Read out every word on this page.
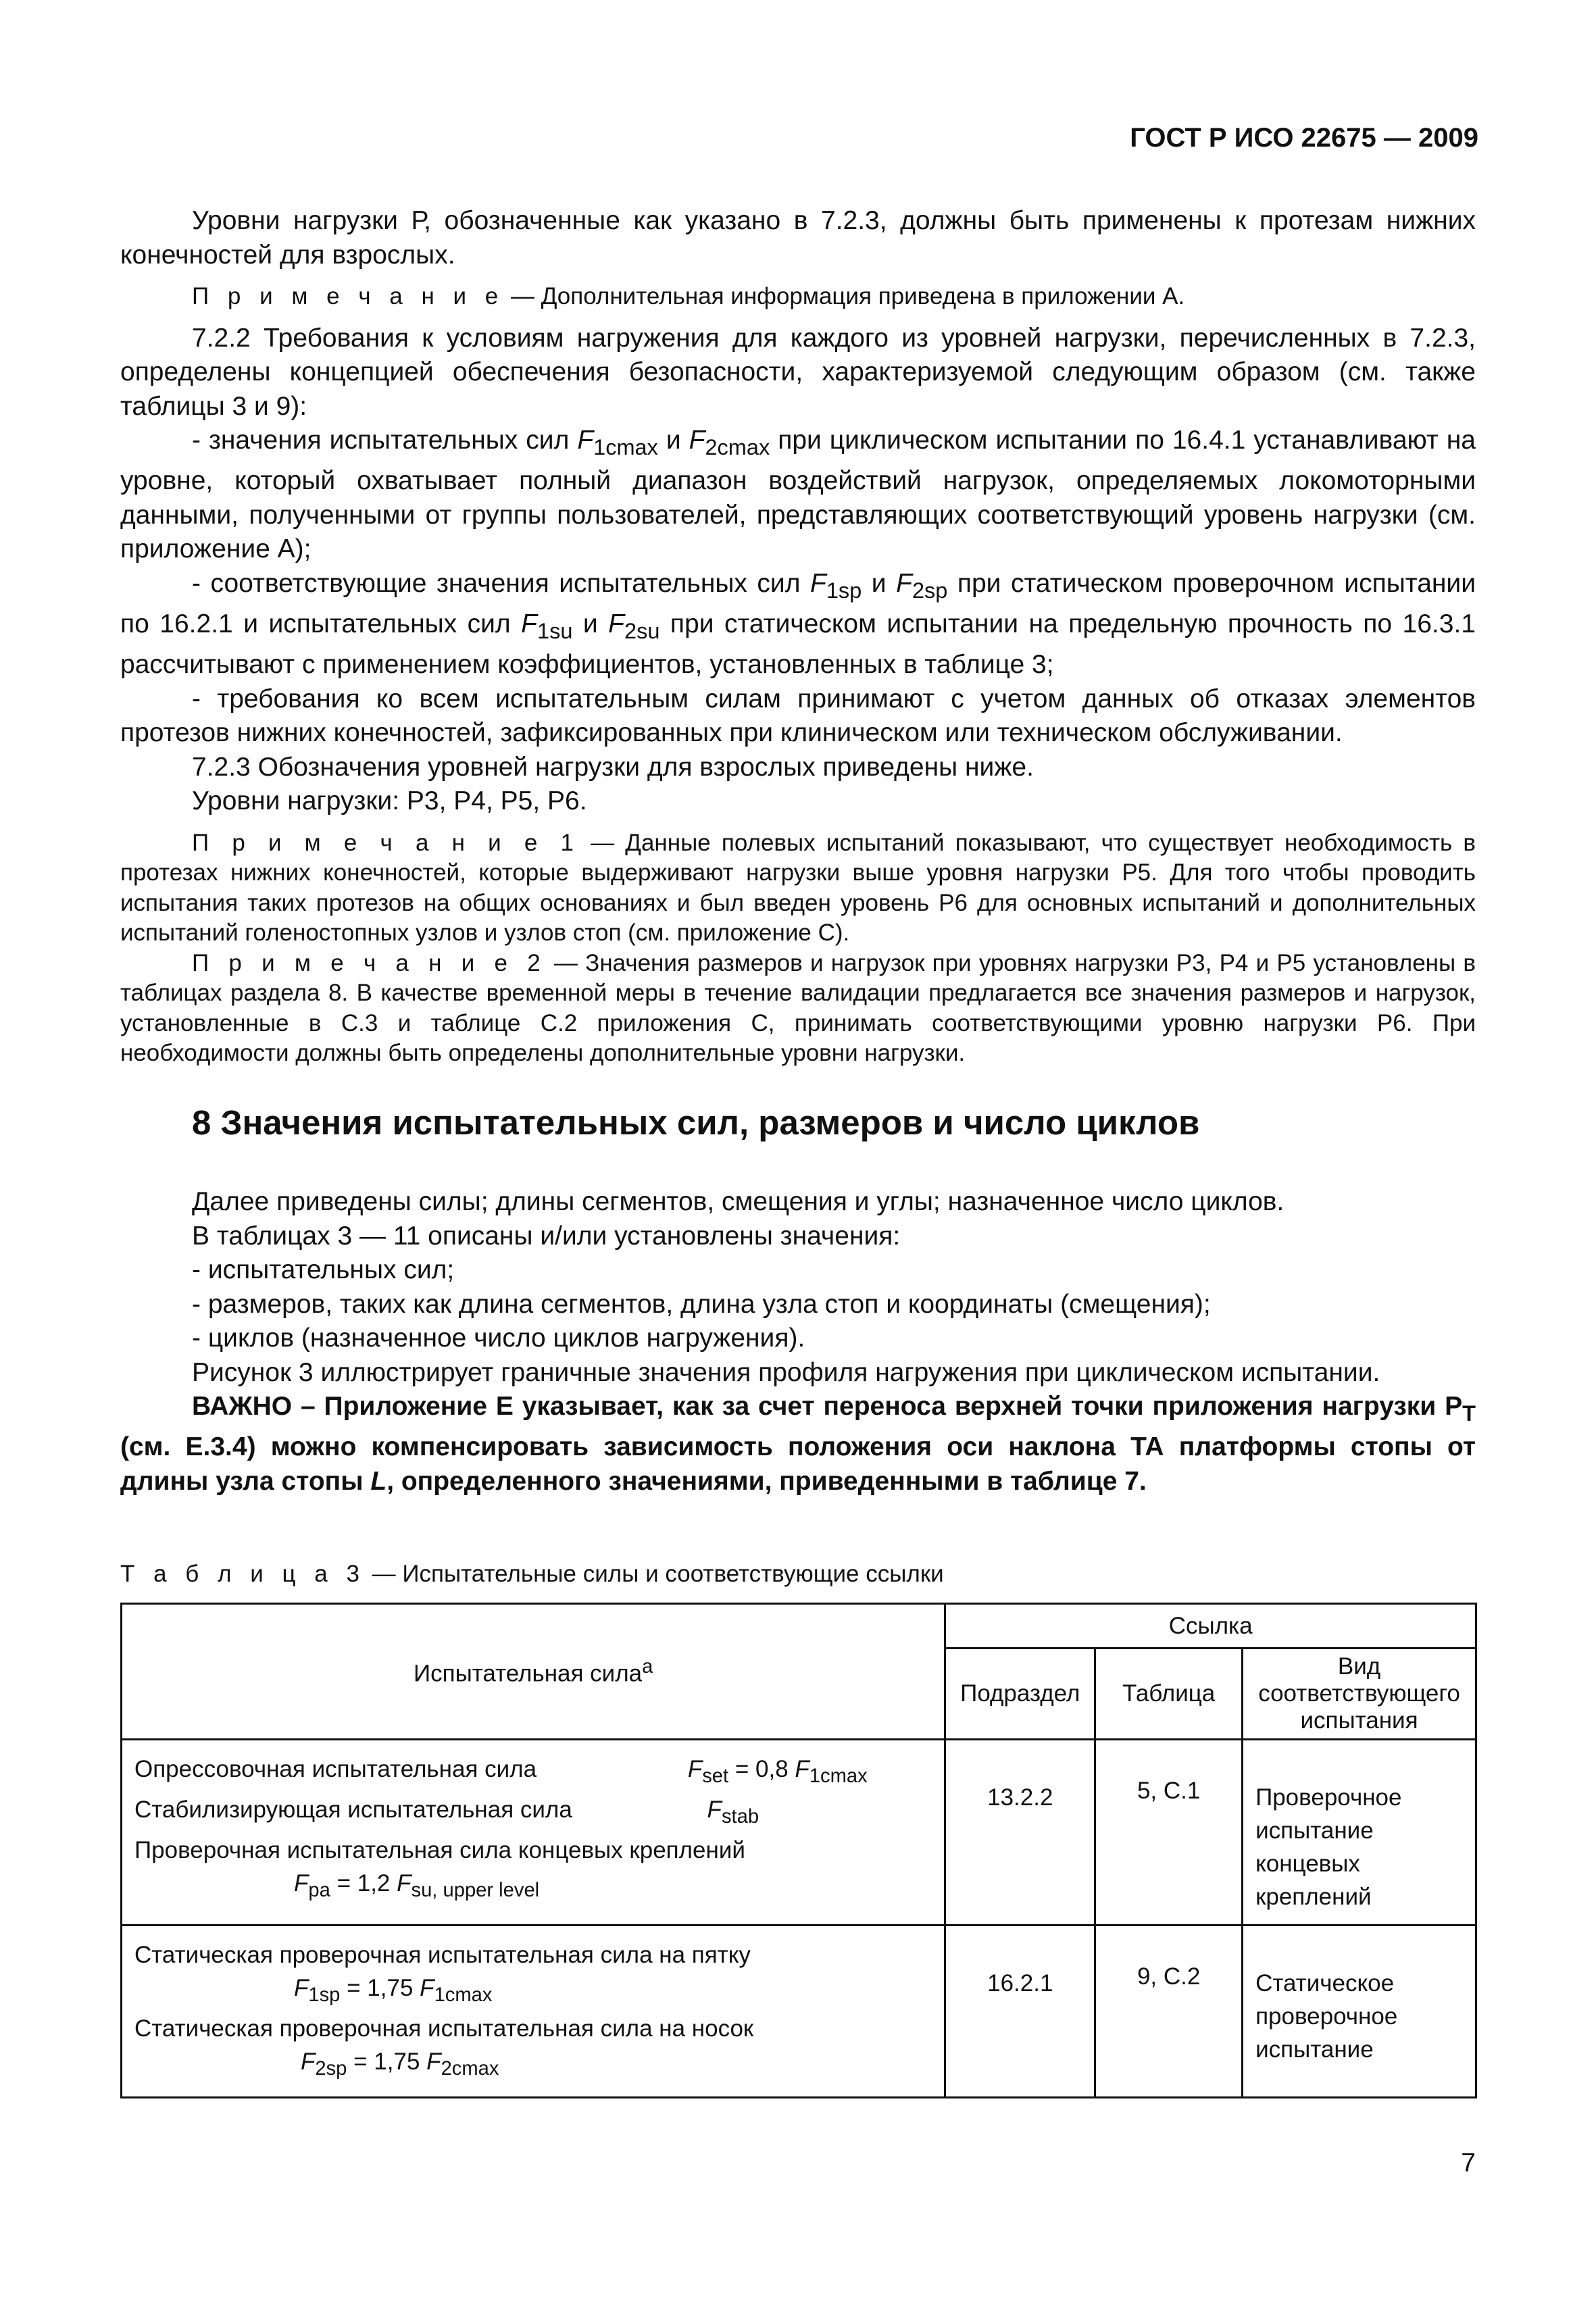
ГОСТ Р ИСО 22675 — 2009

Уровни нагрузки Р, обозначенные как указано в 7.2.3, должны быть применены к протезам нижних конечностей для взрослых.

П р и м е ч а н и е — Дополнительная информация приведена в приложении А.

7.2.2 Требования к условиям нагружения для каждого из уровней нагрузки, перечисленных в 7.2.3, определены концепцией обеспечения безопасности, характеризуемой следующим образом (см. также таблицы 3 и 9):

- значения испытательных сил $F_{1cmax}$ и $F_{2cmax}$ при циклическом испытании по 16.4.1 устанавливают на уровне, который охватывает полный диапазон воздействий нагрузок, определяемых локомоторными данными, полученными от группы пользователей, представляющих соответствующий уровень нагрузки (см. приложение А);

- соответствующие значения испытательных сил $F_{1sp}$ и $F_{2sp}$ при статическом проверочном испытании по 16.2.1 и испытательных сил $F_{1su}$ и $F_{2su}$ при статическом испытании на предельную прочность по 16.3.1 рассчитывают с применением коэффициентов, установленных в таблице 3;

- требования ко всем испытательным силам принимают с учетом данных об отказах элементов протезов нижних конечностей, зафиксированных при клиническом или техническом обслуживании.

7.2.3 Обозначения уровней нагрузки для взрослых приведены ниже.

Уровни нагрузки: P3, P4, P5, P6.

П р и м е ч а н и е 1 — Данные полевых испытаний показывают, что существует необходимость в протезах нижних конечностей, которые выдерживают нагрузки выше уровня нагрузки Р5. Для того чтобы проводить испытания таких протезов на общих основаниях и был введен уровень Р6 для основных испытаний и дополнительных испытаний голеностопных узлов и узлов стоп (см. приложение С).

П р и м е ч а н и е 2 — Значения размеров и нагрузок при уровнях нагрузки Р3, Р4 и Р5 установлены в таблицах раздела 8. В качестве временной меры в течение валидации предлагается все значения размеров и нагрузок, установленные в С.3 и таблице С.2 приложения С, принимать соответствующими уровню нагрузки Р6. При необходимости должны быть определены дополнительные уровни нагрузки.

8 Значения испытательных сил, размеров и число циклов

Далее приведены силы; длины сегментов, смещения и углы; назначенное число циклов.

В таблицах 3 — 11 описаны и/или установлены значения:

- испытательных сил;

- размеров, таких как длина сегментов, длина узла стоп и координаты (смещения);

- циклов (назначенное число циклов нагружения).

Рисунок 3 иллюстрирует граничные значения профиля нагружения при циклическом испытании.

ВАЖНО – Приложение E указывает, как за счет переноса верхней точки приложения нагрузки $P_T$ (см. E.3.4) можно компенсировать зависимость положения оси наклона ТА платформы стопы от длины узла стопы L, определенного значениями, приведенными в таблице 7.

Т а б л и ц а 3 — Испытательные силы и соответствующие ссылки
Испытательная сила$^a$	Ссылка		
	Подраздел	Таблица	Вид соответствующего испытания

Опрессовочная испытательная сила $F_{set} = 0,8$ $F_{1cmax}$
Стабилизирующая испытательная сила $F_{stab}$
Проверочная испытательная сила концевых креплений
$F_{pa} = 1,2$ $F_{su, upper level}$	13.2.2	5, С.1	Проверочное испытание концевых креплений

Статическая проверочная испытательная сила на пятку
$F_{1sp} = 1,75$ $F_{1cmax}$
Статическая проверочная испытательная сила на носок
$F_{2sp} = 1,75$ $F_{2cmax}$	16.2.1	9, С.2	Статическое проверочное испытание
7
